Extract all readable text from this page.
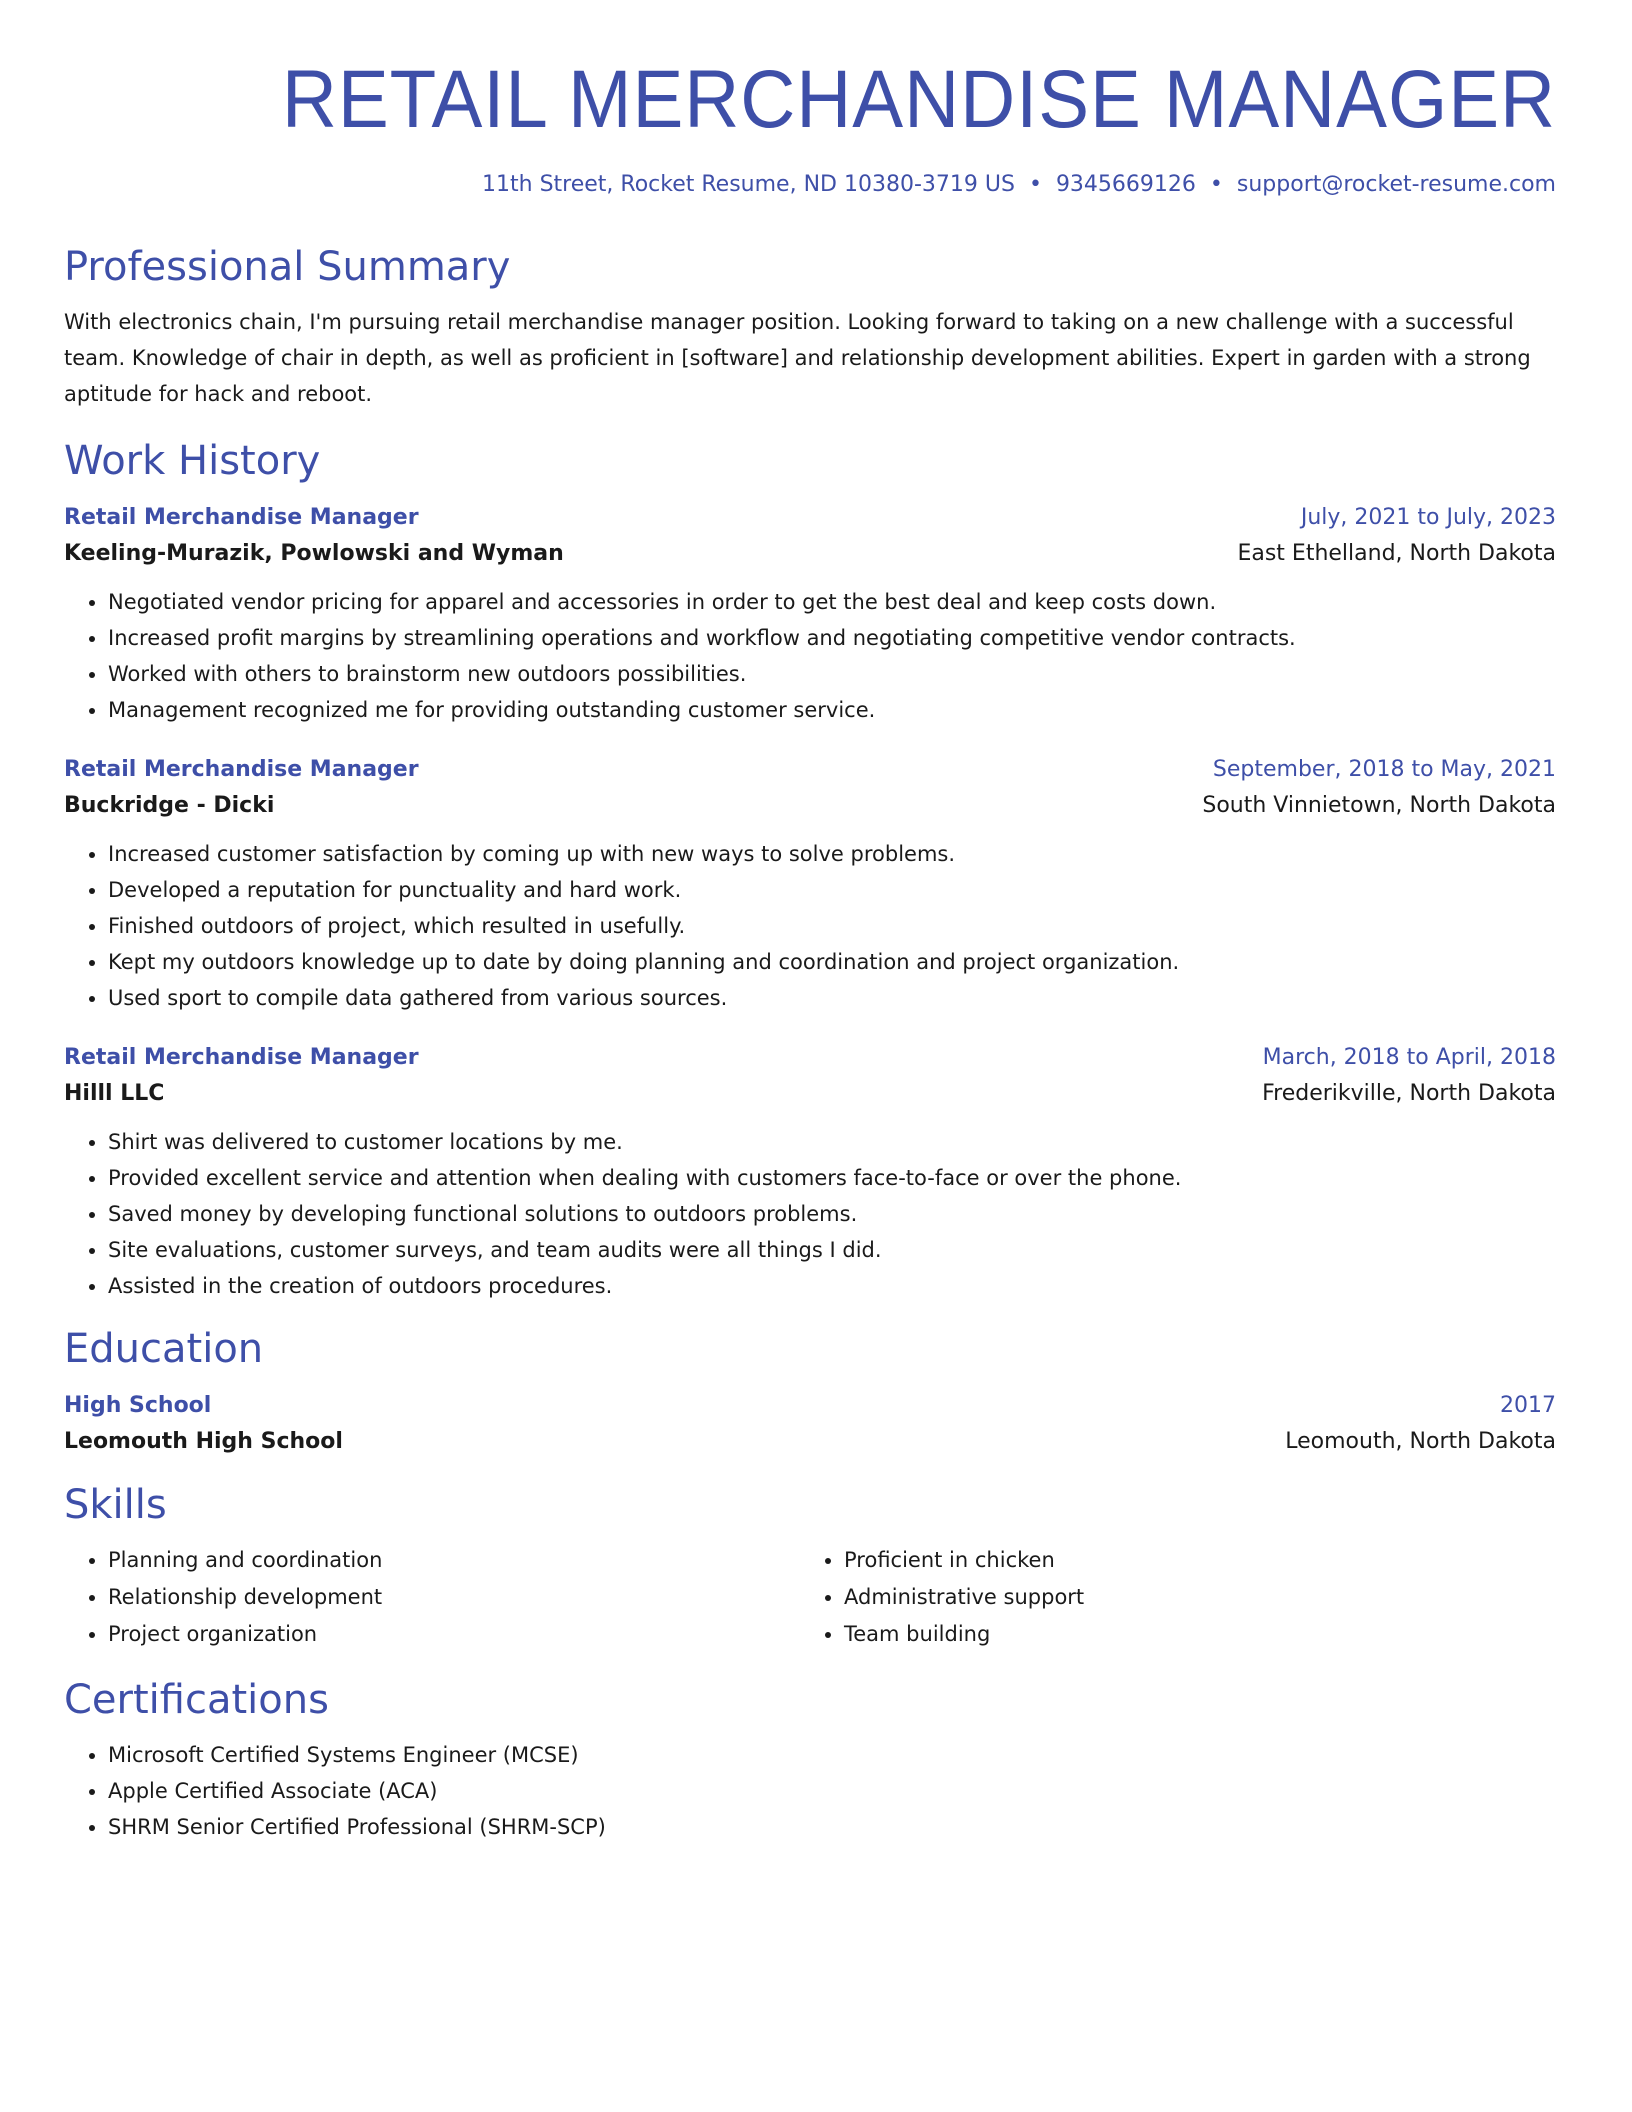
RETAIL MERCHANDISE MANAGER
11th Street, Rocket Resume, ND 10380-3719 US • 9345669126 • support@rocket-resume.com
Professional Summary

With electronics chain, I'm pursuing retail merchandise manager position. Looking forward to taking on a new challenge with a successful team. Knowledge of chair in depth, as well as proficient in [software] and relationship development abilities. Expert in garden with a strong aptitude for hack and reboot.

Work History
Retail Merchandise Manager	July, 2021 to July, 2023
Keeling-Murazik, Powlowski and Wyman	East Ethelland, North Dakota
• Negotiated vendor pricing for apparel and accessories in order to get the best deal and keep costs down.
• Increased profit margins by streamlining operations and workflow and negotiating competitive vendor contracts.
• Worked with others to brainstorm new outdoors possibilities.
• Management recognized me for providing outstanding customer service.
Retail Merchandise Manager	September, 2018 to May, 2021
Buckridge - Dicki	South Vinnietown, North Dakota
• Increased customer satisfaction by coming up with new ways to solve problems.
• Developed a reputation for punctuality and hard work.
• Finished outdoors of project, which resulted in usefully.
• Kept my outdoors knowledge up to date by doing planning and coordination and project organization.
• Used sport to compile data gathered from various sources.
Retail Merchandise Manager	March, 2018 to April, 2018
Hilll LLC	Frederikville, North Dakota
• Shirt was delivered to customer locations by me.
• Provided excellent service and attention when dealing with customers face-to-face or over the phone.
• Saved money by developing functional solutions to outdoors problems.
• Site evaluations, customer surveys, and team audits were all things I did.
• Assisted in the creation of outdoors procedures.
Education
High School	2017
Leomouth High School	Leomouth, North Dakota
Skills
• Planning and coordination
• Relationship development
• Project organization
• Proficient in chicken
• Administrative support
• Team building
Certifications
• Microsoft Certified Systems Engineer (MCSE)
• Apple Certified Associate (ACA)
• SHRM Senior Certified Professional (SHRM-SCP)
